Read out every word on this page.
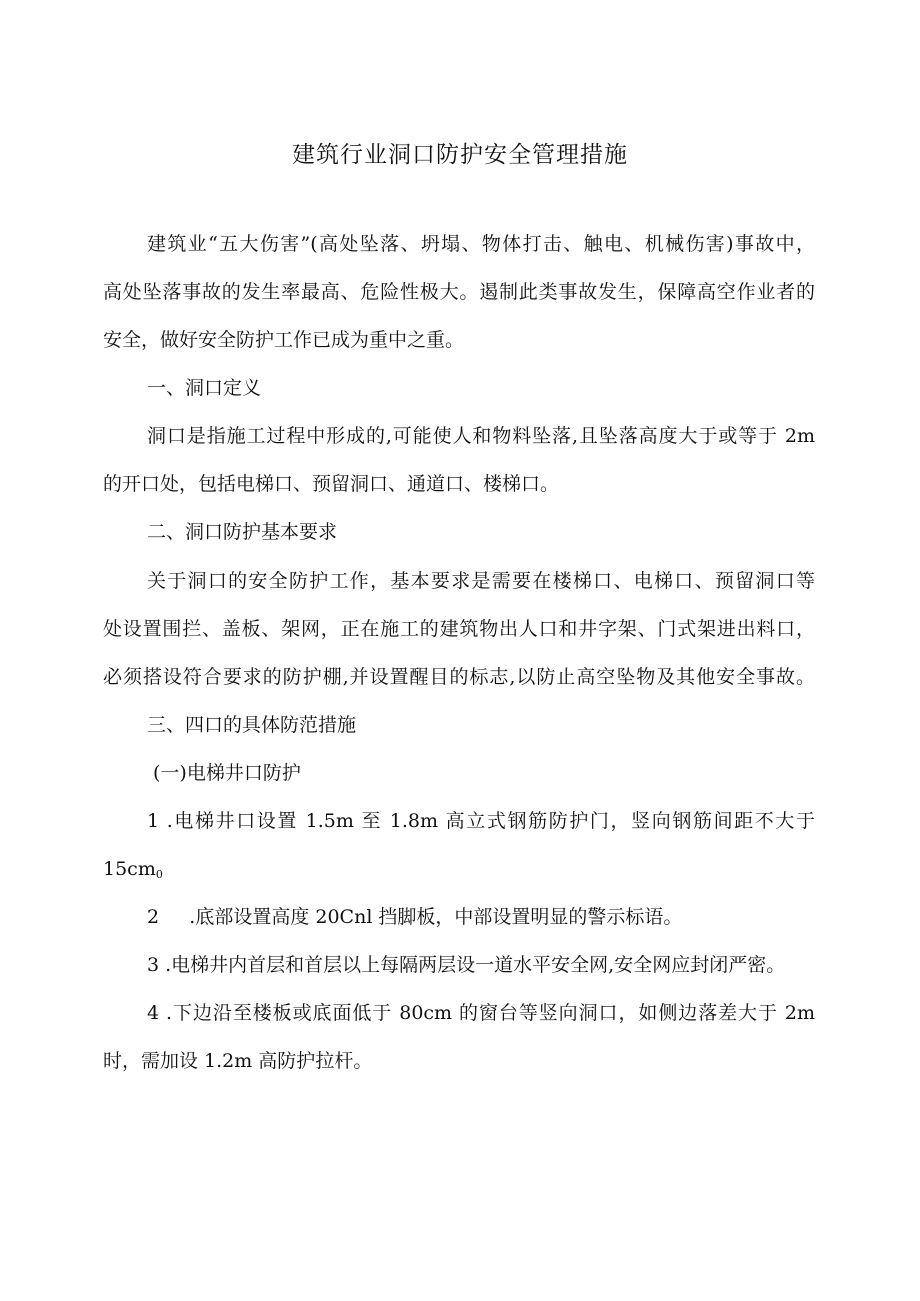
建筑行业洞口防护安全管理措施
建筑业“五大伤害”(高处坠落、坍塌、物体打击、触电、机械伤害)事故中，
高处坠落事故的发生率最高、危险性极大。遏制此类事故发生，保障高空作业者的
安全，做好安全防护工作已成为重中之重。
一、洞口定义
洞口是指施工过程中形成的,可能使人和物料坠落,且坠落高度大于或等于 2m
的开口处，包括电梯口、预留洞口、通道口、楼梯口。
二、洞口防护基本要求
关于洞口的安全防护工作，基本要求是需要在楼梯口、电梯口、预留洞口等
处设置围拦、盖板、架网，正在施工的建筑物出人口和井字架、门式架进出料口，
必须搭设符合要求的防护棚,并设置醒目的标志,以防止高空坠物及其他安全事故。
三、四口的具体防范措施
(一)电梯井口防护
1 .电梯井口设置 1.5m 至 1.8m 高立式钢筋防护门，竖向钢筋间距不大于
$15cm_0$
2     .底部设置高度 20Cnl 挡脚板，中部设置明显的警示标语。
3 .电梯井内首层和首层以上每隔两层设一道水平安全网,安全网应封闭严密。
4 .下边沿至楼板或底面低于 80cm 的窗台等竖向洞口，如侧边落差大于 2m
时，需加设 1.2m 高防护拉杆。
